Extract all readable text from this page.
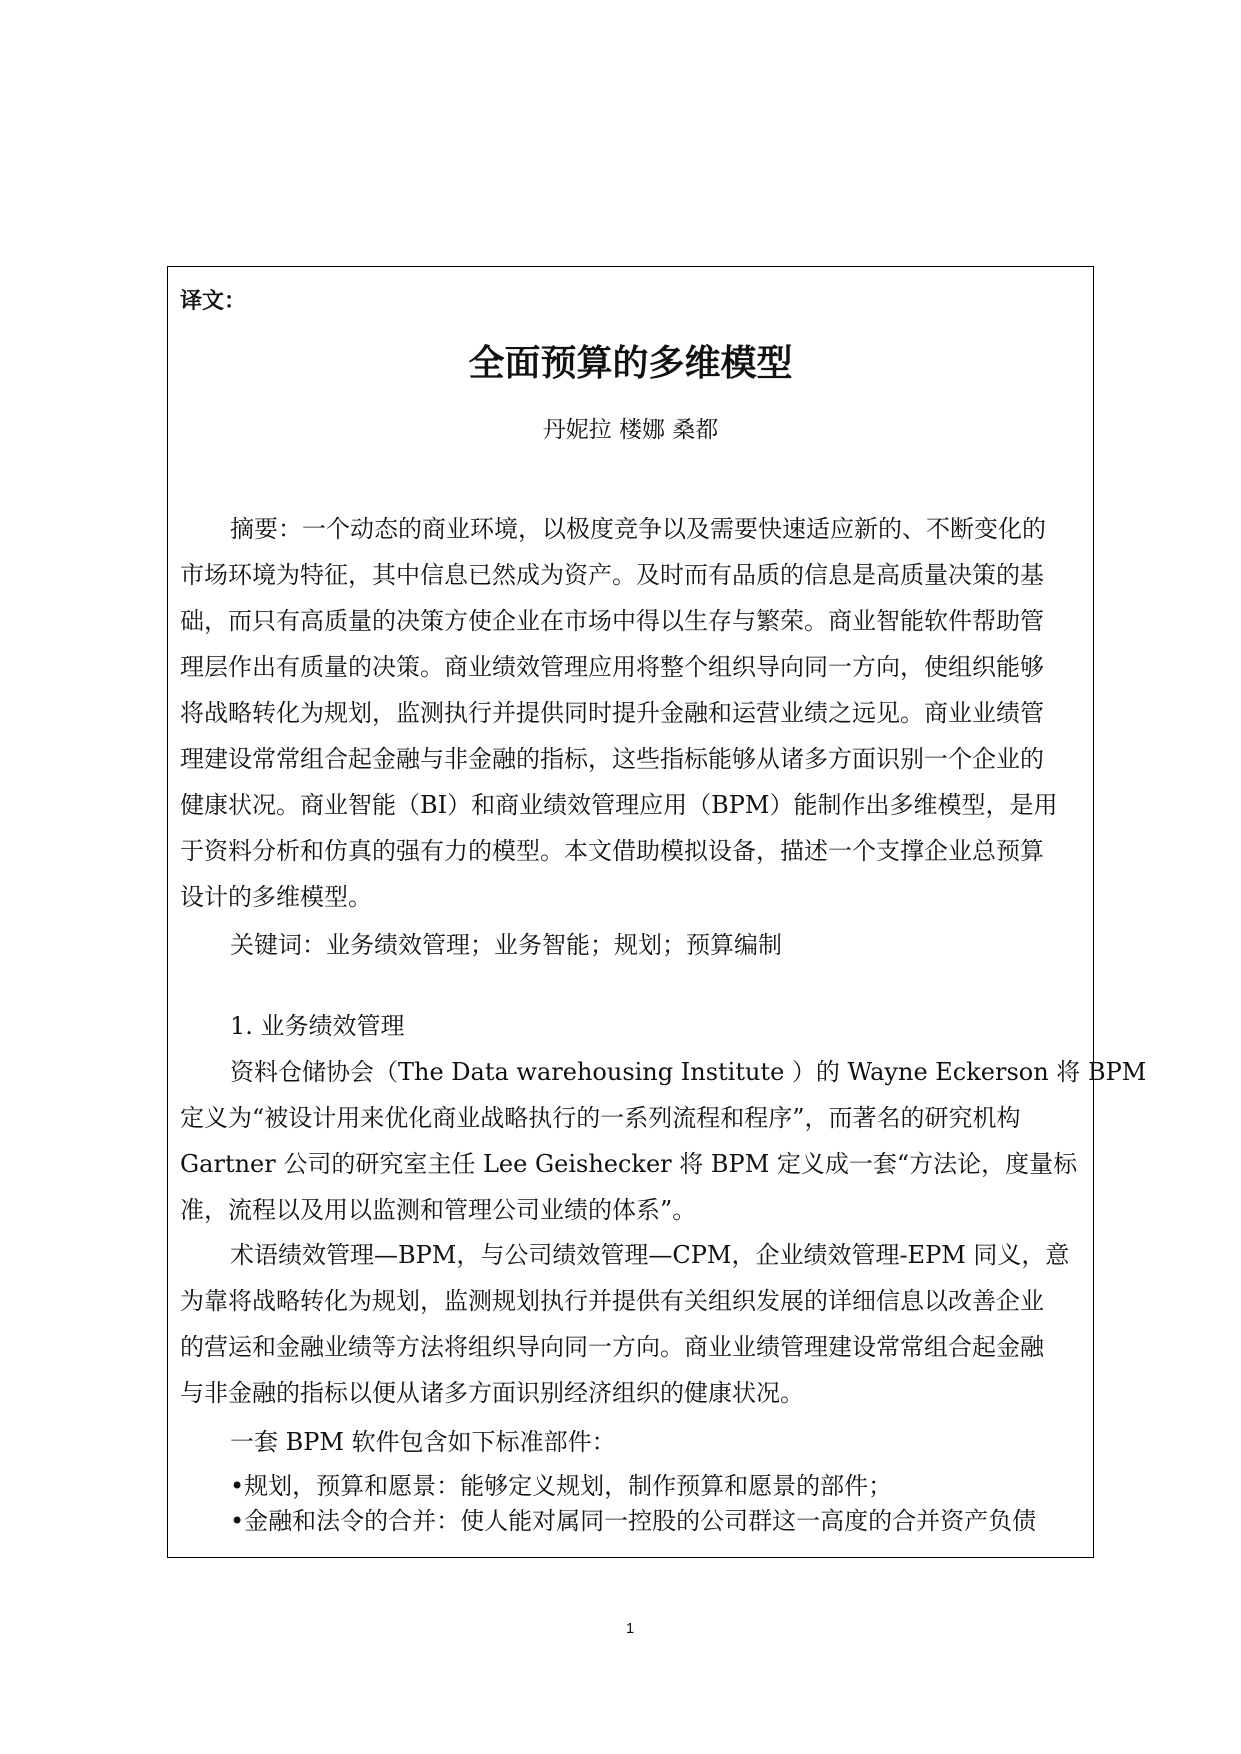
译文：
全面预算的多维模型
丹妮拉 楼娜 桑都
摘要：一个动态的商业环境，以极度竞争以及需要快速适应新的、不断变化的
市场环境为特征，其中信息已然成为资产。及时而有品质的信息是高质量决策的基
础，而只有高质量的决策方使企业在市场中得以生存与繁荣。商业智能软件帮助管
理层作出有质量的决策。商业绩效管理应用将整个组织导向同一方向，使组织能够
将战略转化为规划，监测执行并提供同时提升金融和运营业绩之远见。商业业绩管
理建设常常组合起金融与非金融的指标，这些指标能够从诸多方面识别一个企业的
健康状况。商业智能（BI）和商业绩效管理应用（BPM）能制作出多维模型，是用
于资料分析和仿真的强有力的模型。本文借助模拟设备，描述一个支撑企业总预算
设计的多维模型。
关键词：业务绩效管理；业务智能；规划；预算编制
1. 业务绩效管理
资料仓储协会（The Data warehousing Institute ）的 Wayne Eckerson 将 BPM
定义为“被设计用来优化商业战略执行的一系列流程和程序”，而著名的研究机构
Gartner 公司的研究室主任 Lee Geishecker 将 BPM 定义成一套“方法论，度量标
准，流程以及用以监测和管理公司业绩的体系”。
术语绩效管理—BPM，与公司绩效管理—CPM，企业绩效管理-EPM 同义，意
为靠将战略转化为规划，监测规划执行并提供有关组织发展的详细信息以改善企业
的营运和金融业绩等方法将组织导向同一方向。商业业绩管理建设常常组合起金融
与非金融的指标以便从诸多方面识别经济组织的健康状况。
一套 BPM 软件包含如下标准部件：
•规划，预算和愿景：能够定义规划，制作预算和愿景的部件；
•金融和法令的合并：使人能对属同一控股的公司群这一高度的合并资产负债
1
